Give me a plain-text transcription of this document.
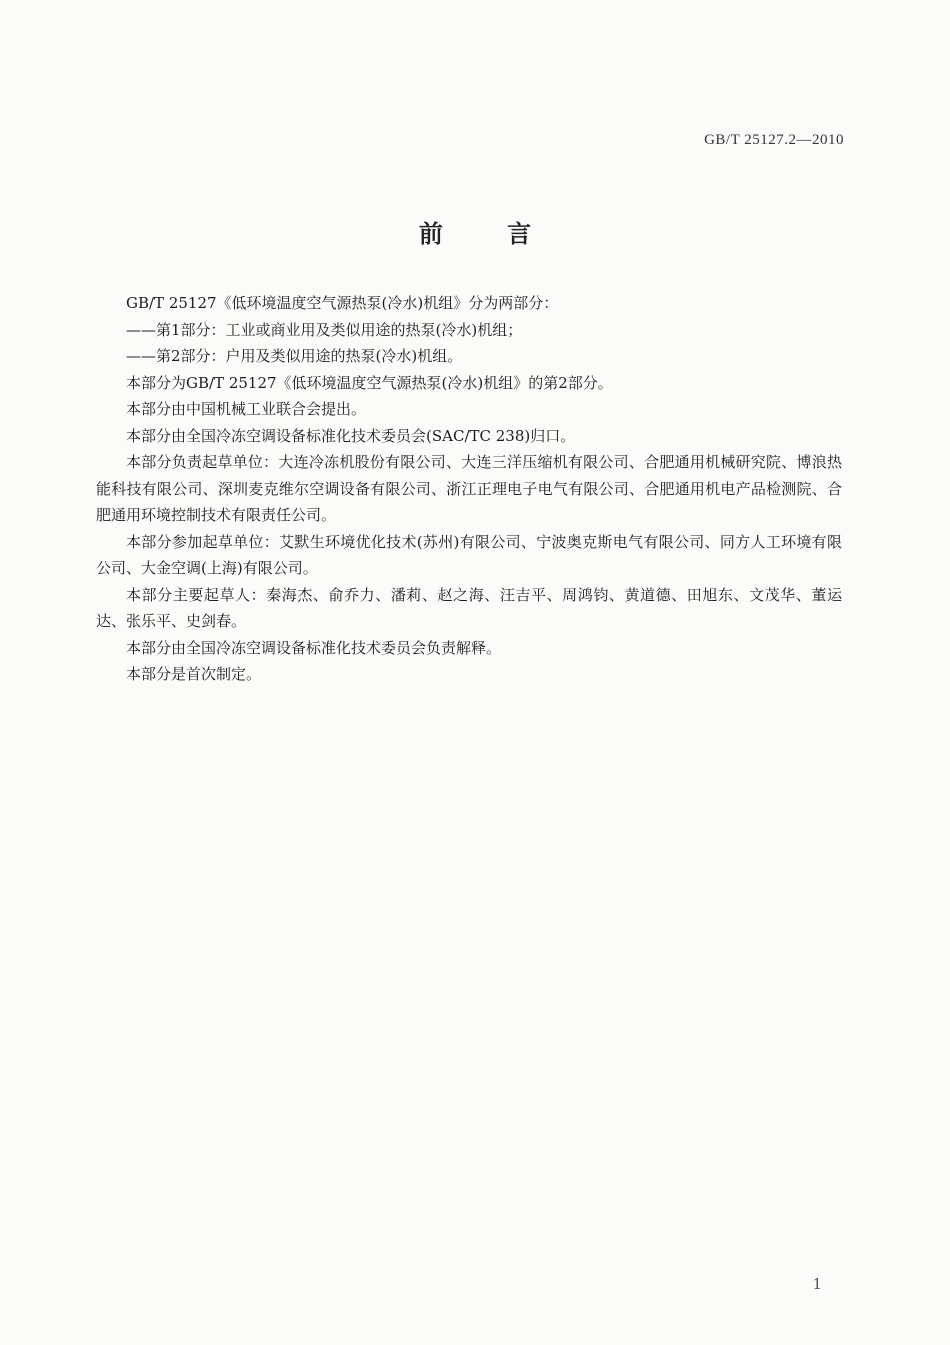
GB/T 25127.2—2010
前 言

GB/T 25127《低环境温度空气源热泵(冷水)机组》分为两部分：

——第1部分：工业或商业用及类似用途的热泵(冷水)机组；

——第2部分：户用及类似用途的热泵(冷水)机组。

本部分为GB/T 25127《低环境温度空气源热泵(冷水)机组》的第2部分。

本部分由中国机械工业联合会提出。

本部分由全国冷冻空调设备标准化技术委员会(SAC/TC 238)归口。

本部分负责起草单位：大连冷冻机股份有限公司、大连三洋压缩机有限公司、合肥通用机械研究院、博浪热能科技有限公司、深圳麦克维尔空调设备有限公司、浙江正理电子电气有限公司、合肥通用机电产品检测院、合肥通用环境控制技术有限责任公司。

本部分参加起草单位：艾默生环境优化技术(苏州)有限公司、宁波奥克斯电气有限公司、同方人工环境有限公司、大金空调(上海)有限公司。

本部分主要起草人：秦海杰、俞乔力、潘莉、赵之海、汪吉平、周鸿钧、黄道德、田旭东、文茂华、董运达、张乐平、史剑春。

本部分由全国冷冻空调设备标准化技术委员会负责解释。

本部分是首次制定。

1
